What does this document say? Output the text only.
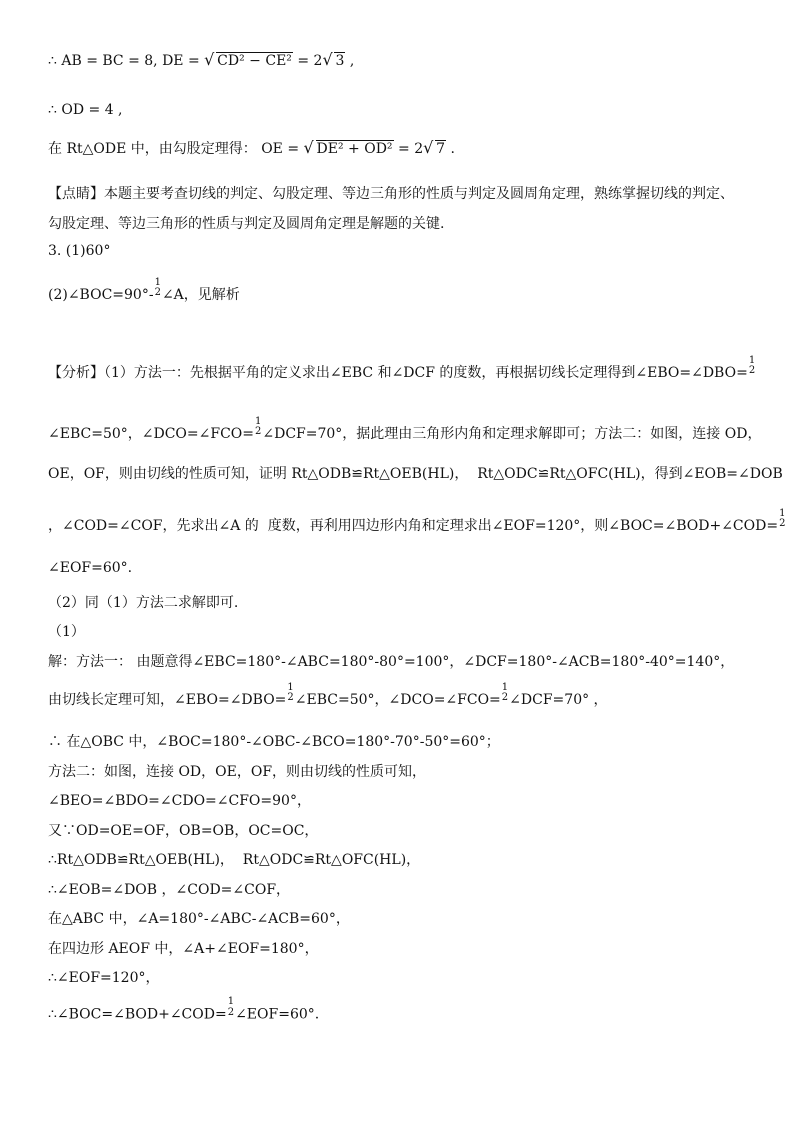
∴ AB = BC = 8, DE = √ CD² − CE² = 2 √ 3 ,
∴ OD = 4 ,
在 Rt△ODE 中，由勾股定理得： OE = √ DE² + OD² = 2 √ 7 .
【点睛】本题主要考查切线的判定、勾股定理、等边三角形的性质与判定及圆周角定理，熟练掌握切线的判定、
勾股定理、等边三角形的性质与判定及圆周角定理是解题的关键.
3. (1)60°
(2)∠BOC=90°-
1
2 ∠A，见解析
【分析】（1）方法一：先根据平角的定义求出∠EBC 和∠DCF 的度数，再根据切线长定理得到∠EBO=∠DBO=
1
2
∠EBC=50°，∠DCO=∠FCO=
1
2 ∠DCF=70°，据此理由三角形内角和定理求解即可；方法二：如图，连接 OD，
OE，OF，则由切线的性质可知，证明 Rt△ODB≌Rt△OEB(HL)，  Rt△ODC≌Rt△OFC(HL)，得到∠EOB=∠DOB
，∠COD=∠COF，先求出∠A 的  度数，再利用四边形内角和定理求出∠EOF=120°，则∠BOC=∠BOD+∠COD=
1
2
∠EOF=60°.
（2）同（1）方法二求解即可.
（1）
解：方法一： 由题意得∠EBC=180°-∠ABC=180°-80°=100°，∠DCF=180°-∠ACB=180°-40°=140°，
由切线长定理可知，∠EBO=∠DBO=
1
2 ∠EBC=50°，∠DCO=∠FCO=
1
2 ∠DCF=70° ，
∴ 在△OBC 中，∠BOC=180°-∠OBC-∠BCO=180°-70°-50°=60°；
方法二：如图，连接 OD，OE，OF，则由切线的性质可知，
∠BEO=∠BDO=∠CDO=∠CFO=90°，
又∵OD=OE=OF，OB=OB，OC=OC，
∴Rt△ODB≌Rt△OEB(HL)，  Rt△ODC≌Rt△OFC(HL)，
∴∠EOB=∠DOB ，∠COD=∠COF，
在△ABC 中，∠A=180°-∠ABC-∠ACB=60°，
在四边形 AEOF 中，∠A+∠EOF=180°，
∴∠EOF=120°，
∴∠BOC=∠BOD+∠COD=
1
2 ∠EOF=60°.
